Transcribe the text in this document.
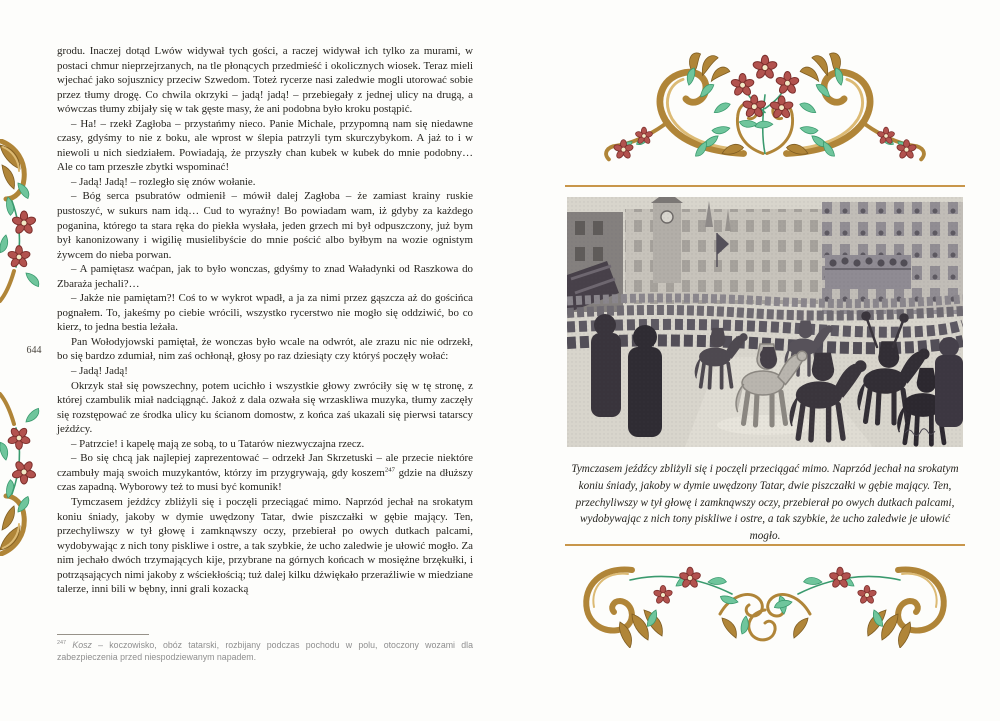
644

grodu. Inaczej dotąd Lwów widywał tych gości, a raczej widywał ich tylko za murami, w postaci chmur nieprzejrzanych, na tle płonących przedmieść i okolicznych wiosek. Teraz mieli wjechać jako sojusznicy przeciw Szwedom. Toteż rycerze nasi zaledwie mogli utorować sobie przez tłumy drogę. Co chwila okrzyki – jadą! jadą! – przebiegały z jednej ulicy na drugą, a wówczas tłumy zbijały się w tak gęste masy, że ani podobna było kroku postąpić.

– Ha! – rzekł Zagłoba – przystańmy nieco. Panie Michale, przypomną nam się niedawne czasy, gdyśmy to nie z boku, ale wprost w ślepia patrzyli tym skurczybykom. A jaż to i w niewoli u nich siedziałem. Powiadają, że przyszły chan kubek w kubek do mnie podobny… Ale co tam przeszłe zbytki wspominać!

– Jadą! Jadą! – rozległo się znów wołanie.

– Bóg serca psubratów odmienił – mówił dalej Zagłoba – że zamiast krainy ruskie pustoszyć, w sukurs nam idą… Cud to wyraźny! Bo powiadam wam, iż gdyby za każdego poganina, którego ta stara ręka do piekła wysłała, jeden grzech mi był odpuszczony, już bym był kanonizowany i wigilię musielibyście do mnie pościć albo byłbym na wozie ognistym żywcem do nieba porwan.

– A pamiętasz waćpan, jak to było wonczas, gdyśmy to znad Waładynki od Raszkowa do Zbaraża jechali?…

– Jakże nie pamiętam?! Coś to w wykrot wpadł, a ja za nimi przez gąszcza aż do gościńca pognałem. To, jakeśmy po ciebie wrócili, wszystko rycerstwo nie mogło się oddziwić, bo co kierz, to jedna bestia leżała.

Pan Wołodyjowski pamiętał, że wonczas było wcale na odwrót, ale zrazu nic nie odrzekł, bo się bardzo zdumiał, nim zaś ochłonął, głosy po raz dziesiąty czy któryś poczęły wołać:

– Jadą! Jadą!

Okrzyk stał się powszechny, potem ucichło i wszystkie głowy zwróciły się w tę stronę, z której czambulik miał nadciągnąć. Jakoż z dala ozwała się wrzaskliwa muzyka, tłumy zaczęły się rozstępować ze środka ulicy ku ścianom domostw, z końca zaś ukazali się pierwsi tatarscy jeźdźcy.

– Patrzcie! i kapelę mają ze sobą, to u Tatarów niezwyczajna rzecz.

– Bo się chcą jak najlepiej zaprezentować – odrzekł Jan Skrzetuski – ale przecie niektóre czambuły mają swoich muzykantów, którzy im przygrywają, gdy koszem$^{247}$ gdzie na dłuższy czas zapadną. Wyborowy też to musi być komunik!

Tymczasem jeźdźcy zbliżyli się i poczęli przeciągać mimo. Naprzód jechał na srokatym koniu śniady, jakoby w dymie uwędzony Tatar, dwie piszczałki w gębie mający. Ten, przechyliwszy w tył głowę i zamknąwszy oczy, przebierał po owych dutkach palcami, wydobywając z nich tony piskliwe i ostre, a tak szybkie, że ucho zaledwie je ułowić mogło. Za nim jechało dwóch trzymających kije, przybrane na górnych końcach w mosiężne brzękułki, i potrząsających nimi jakoby z wściekłością; tuż dalej kilku dźwiękało przeraźliwie w miedziane talerze, inni bili w bębny, inni grali kozacką

$^{247}$ Kosz – koczowisko, obóz tatarski, rozbijany podczas pochodu w polu, otoczony wozami dla zabezpieczenia przed niespodziewanym napadem.
Tymczasem jeźdźcy zbliżyli się i poczęli przeciągać mimo. Naprzód jechał na srokatym koniu śniady, jakoby w dymie uwędzony Tatar, dwie piszczałki w gębie mający. Ten, przechyliwszy w tył głowę i zamknąwszy oczy, przebierał po owych dutkach palcami, wydobywając z nich tony piskliwe i ostre, a tak szybkie, że ucho zaledwie je ułowić mogło.
